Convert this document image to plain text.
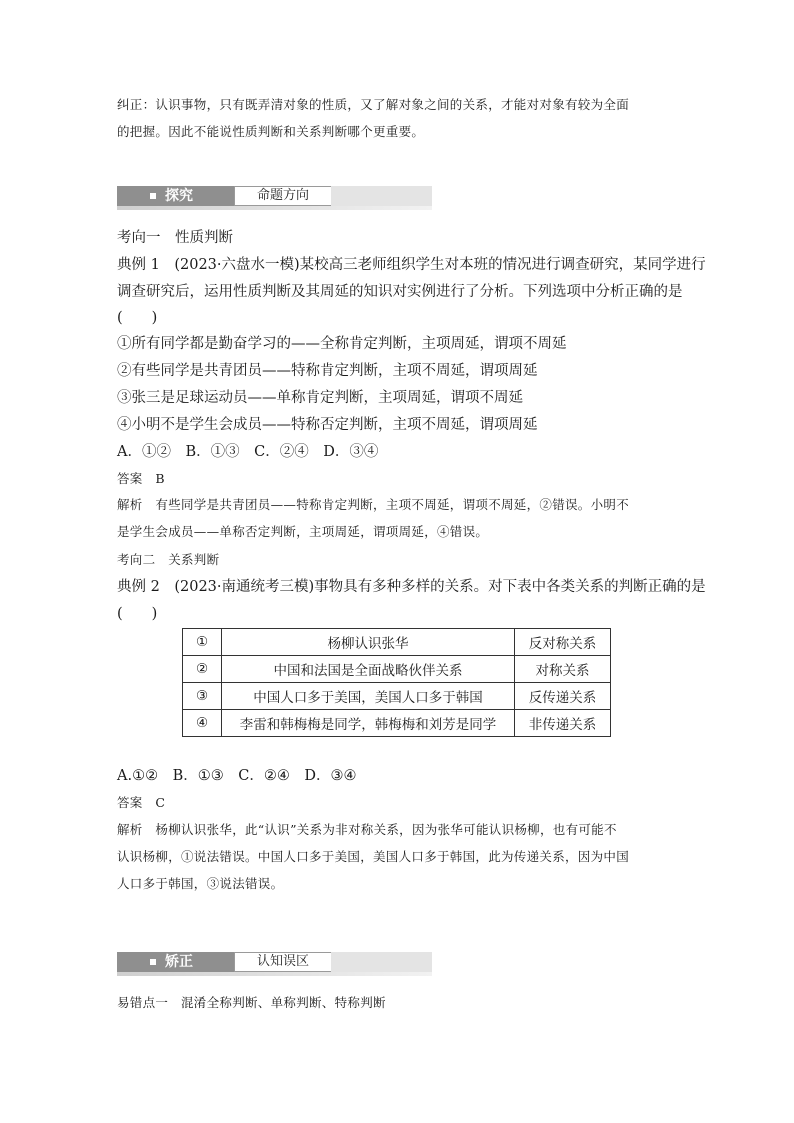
纠正：认识事物，只有既弄清对象的性质，又了解对象之间的关系，才能对对象有较为全面
的把握。因此不能说性质判断和关系判断哪个更重要。
探究	命题方向
考向一　性质判断
典例 1　(2023·六盘水一模)某校高三老师组织学生对本班的情况进行调查研究，某同学进行
调查研究后，运用性质判断及其周延的知识对实例进行了分析。下列选项中分析正确的是
(　　)
①所有同学都是勤奋学习的——全称肯定判断，主项周延，谓项不周延
②有些同学是共青团员——特称肯定判断，主项不周延，谓项周延
③张三是足球运动员——单称肯定判断，主项周延，谓项不周延
④小明不是学生会成员——特称否定判断，主项不周延，谓项周延
A．①②　B．①③　C．②④　D．③④
答案　B
解析　有些同学是共青团员——特称肯定判断，主项不周延，谓项不周延，②错误。小明不
是学生会成员——单称否定判断，主项周延，谓项周延，④错误。
考向二　关系判断
典例 2　(2023·南通统考三模)事物具有多种多样的关系。对下表中各类关系的判断正确的是
(　　)
①	杨柳认识张华	反对称关系
②	中国和法国是全面战略伙伴关系	对称关系
③	中国人口多于美国，美国人口多于韩国	反传递关系
④	李雷和韩梅梅是同学，韩梅梅和刘芳是同学	非传递关系
A.①②　B．①③　C．②④　D．③④
答案　C
解析　杨柳认识张华，此“认识”关系为非对称关系，因为张华可能认识杨柳，也有可能不
认识杨柳，①说法错误。中国人口多于美国，美国人口多于韩国，此为传递关系，因为中国
人口多于韩国，③说法错误。
矫正	认知误区
易错点一　混淆全称判断、单称判断、特称判断
